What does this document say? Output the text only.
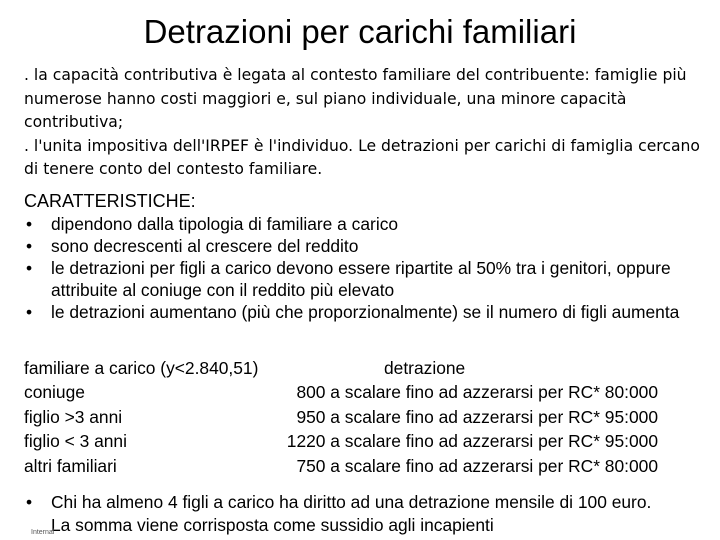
Detrazioni per carichi familiari

. la capacità contributiva è legata al contesto familiare del contribuente: famiglie più numerose hanno costi maggiori e, sul piano individuale, una minore capacità contributiva;

. l'unita impositiva dell'IRPEF è l'individuo. Le detrazioni per carichi di famiglia cercano di tenere conto del contesto familiare.

CARATTERISTICHE:
• dipendono dalla tipologia di familiare a carico
• sono decrescenti al crescere del reddito
• le detrazioni per figli a carico devono essere ripartite al 50% tra i genitori, oppure attribuite al coniuge con il reddito più elevato
• le detrazioni aumentano (più che proporzionalmente) se il numero di figli aumenta
familiare a carico (y<2.840,51)	detrazione
coniuge	800 a scalare fino ad azzerarsi per RC* 80:000
figlio >3 anni	950 a scalare fino ad azzerarsi per RC* 95:000
figlio < 3 anni	1220 a scalare fino ad azzerarsi per RC* 95:000
altri familiari	750 a scalare fino ad azzerarsi per RC* 80:000
•	Chi ha almeno 4 figli a carico ha diritto ad una detrazione mensile di 100 euro. La somma viene corrisposta come sussidio agli incapienti
Internal
